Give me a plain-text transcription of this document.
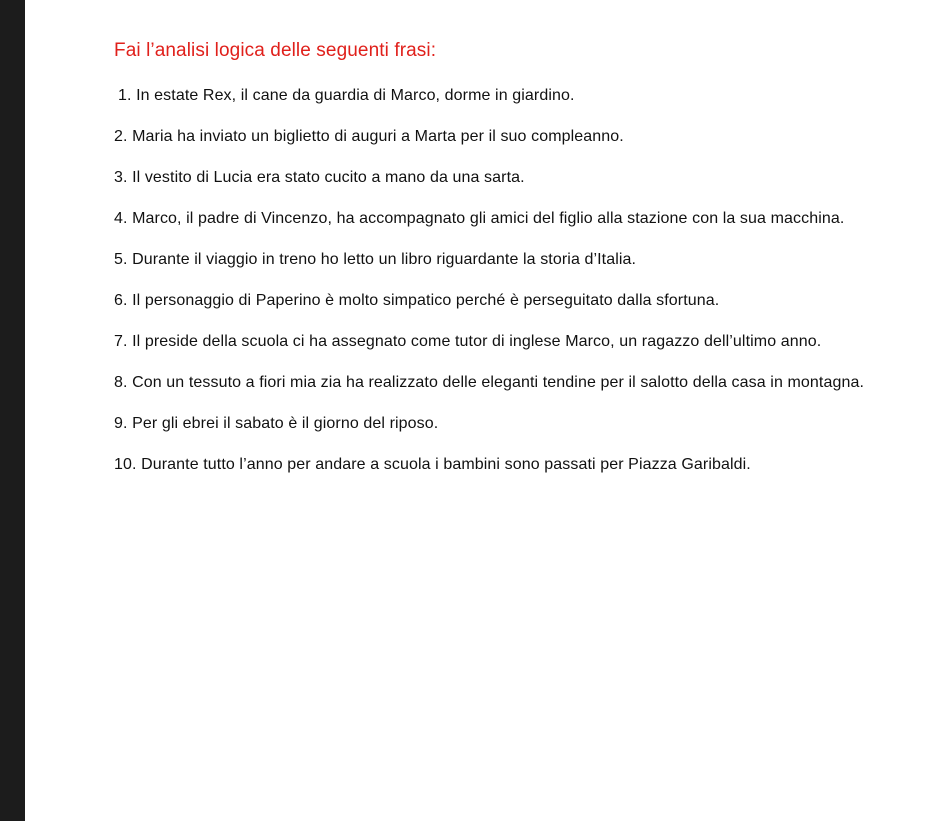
Fai l’analisi logica delle seguenti frasi:
1. In estate Rex, il cane da guardia di Marco, dorme in giardino.
2. Maria ha inviato un biglietto di auguri a Marta per il suo compleanno.
3. Il vestito di Lucia era stato cucito a mano da una sarta.
4. Marco, il padre di Vincenzo, ha accompagnato gli amici del figlio alla stazione con la sua macchina.
5. Durante il viaggio in treno ho letto un libro riguardante la storia d’Italia.
6. Il personaggio di Paperino è molto simpatico perché è perseguitato dalla sfortuna.
7. Il preside della scuola ci ha assegnato come tutor di inglese Marco, un ragazzo dell’ultimo anno.
8. Con un tessuto a fiori mia zia ha realizzato delle eleganti tendine per il salotto della casa in montagna.
9. Per gli ebrei il sabato è il giorno del riposo.
10. Durante tutto l’anno per andare a scuola i bambini sono passati per Piazza Garibaldi.
